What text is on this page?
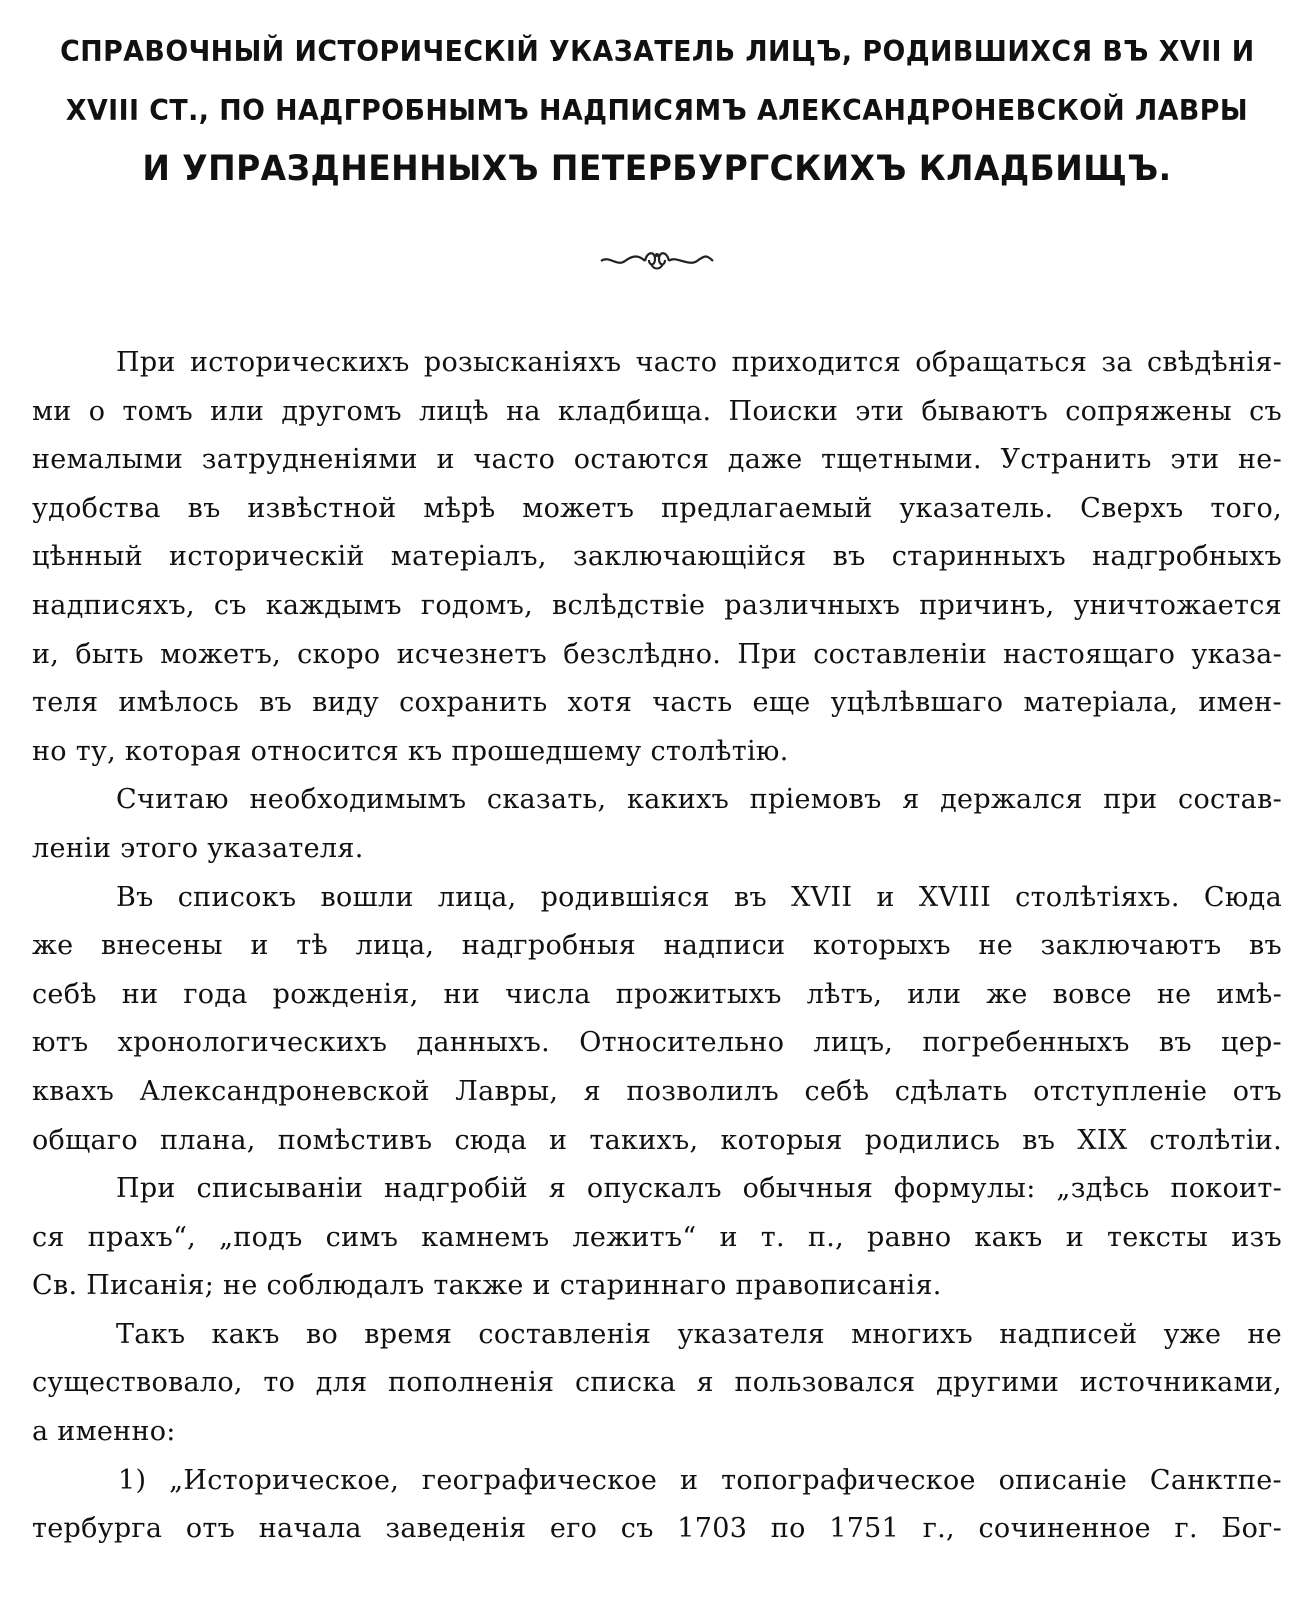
СПРАВОЧНЫЙ ИСТОРИЧЕСКІЙ УКАЗАТЕЛЬ ЛИЦЪ, РОДИВШИХСЯ ВЪ XVII И
XVIII СТ., ПО НАДГРОБНЫМЪ НАДПИСЯМЪ АЛЕКСАНДРОНЕВСКОЙ ЛАВРЫ
И УПРАЗДНЕННЫХЪ ПЕТЕРБУРГСКИХЪ КЛАДБИЩЪ.
При историческихъ розысканіяхъ часто приходится обращаться за свѣдѣнія-
ми о томъ или другомъ лицѣ на кладбища. Поиски эти бываютъ сопряжены съ
немалыми затрудненіями и часто остаются даже тщетными. Устранить эти не-
удобства въ извѣстной мѣрѣ можетъ предлагаемый указатель. Сверхъ того,
цѣнный историческій матеріалъ, заключающійся въ старинныхъ надгробныхъ
надписяхъ, съ каждымъ годомъ, вслѣдствіе различныхъ причинъ, уничтожается
и, быть можетъ, скоро исчезнетъ безслѣдно. При составленіи настоящаго указа-
теля имѣлось въ виду сохранить хотя часть еще уцѣлѣвшаго матеріала, имен-
но ту, которая относится къ прошедшему столѣтію.
Считаю необходимымъ сказать, какихъ пріемовъ я держался при состав-
леніи этого указателя.
Въ списокъ вошли лица, родившіяся въ XVII и XVIII столѣтіяхъ. Сюда
же внесены и тѣ лица, надгробныя надписи которыхъ не заключаютъ въ
себѣ ни года рожденія, ни числа прожитыхъ лѣтъ, или же вовсе не имѣ-
ютъ хронологическихъ данныхъ. Относительно лицъ, погребенныхъ въ цер-
квахъ Александроневской Лавры, я позволилъ себѣ сдѣлать отступленіе отъ
общаго плана, помѣстивъ сюда и такихъ, которыя родились въ XIX столѣтіи.
При списываніи надгробій я опускалъ обычныя формулы: „здѣсь покоит-
ся прахъ“, „подъ симъ камнемъ лежитъ“ и т. п., равно какъ и тексты изъ
Св. Писанія; не соблюдалъ также и стариннаго правописанія.
Такъ какъ во время составленія указателя многихъ надписей уже не
существовало, то для пополненія списка я пользовался другими источниками,
а именно:
1) „Историческое, географическое и топографическое описаніе Санктпе-
тербурга отъ начала заведенія его съ 1703 по 1751 г., сочиненное г. Бог-
